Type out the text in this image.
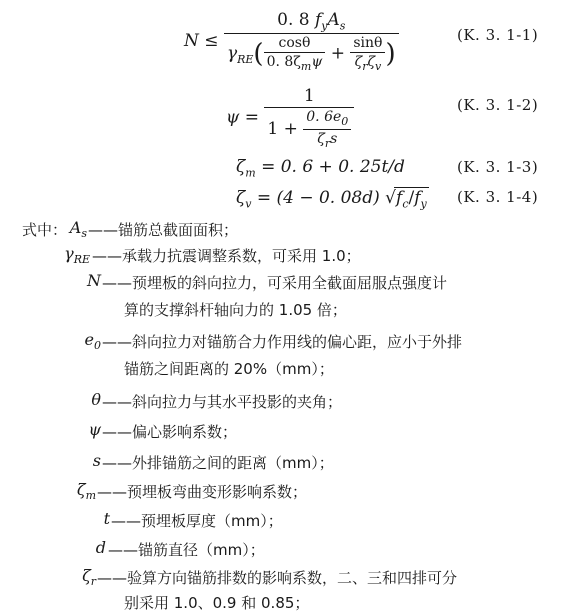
$N \le \frac{0. 8 f_yA_s}{\gamma_{RE}( \frac{\cos\theta}{0. 8\zeta_m\psi} + \frac{\sin\theta}{\zeta_r\zeta_v} )}$	(K. 3. 1-1)
$\psi = \frac{1}{1 + \frac{0. 6e_0}{\zeta_rs}}$	(K. 3. 1-2)
$\zeta_m = 0$. 6 + 0. 25t/d	(K. 3. 1-3)
$\zeta_v = (4 - 0$. 08d) $√f_c/f_y$ (K. 3. 1-4)
式中： $A_s$ ——锚筋总截面面积；
$\gamma_{RE}$ ——承载力抗震调整系数，可采用 1.0；
N ——预埋板的斜向拉力，可采用全截面屈服点强度计
算的支撑斜杆轴向力的 1.05 倍；
$e_0$ ——斜向拉力对锚筋合力作用线的偏心距，应小于外排
锚筋之间距离的 20%（mm）；
θ ——斜向拉力与其水平投影的夹角；
ψ ——偏心影响系数；
s ——外排锚筋之间的距离（mm）；
$\zeta_m$ ——预埋板弯曲变形影响系数；
t ——预埋板厚度（mm）；
d ——锚筋直径（mm）；
$\zeta_r$ ——验算方向锚筋排数的影响系数，二、三和四排可分
别采用 1.0、0.9 和 0.85；
